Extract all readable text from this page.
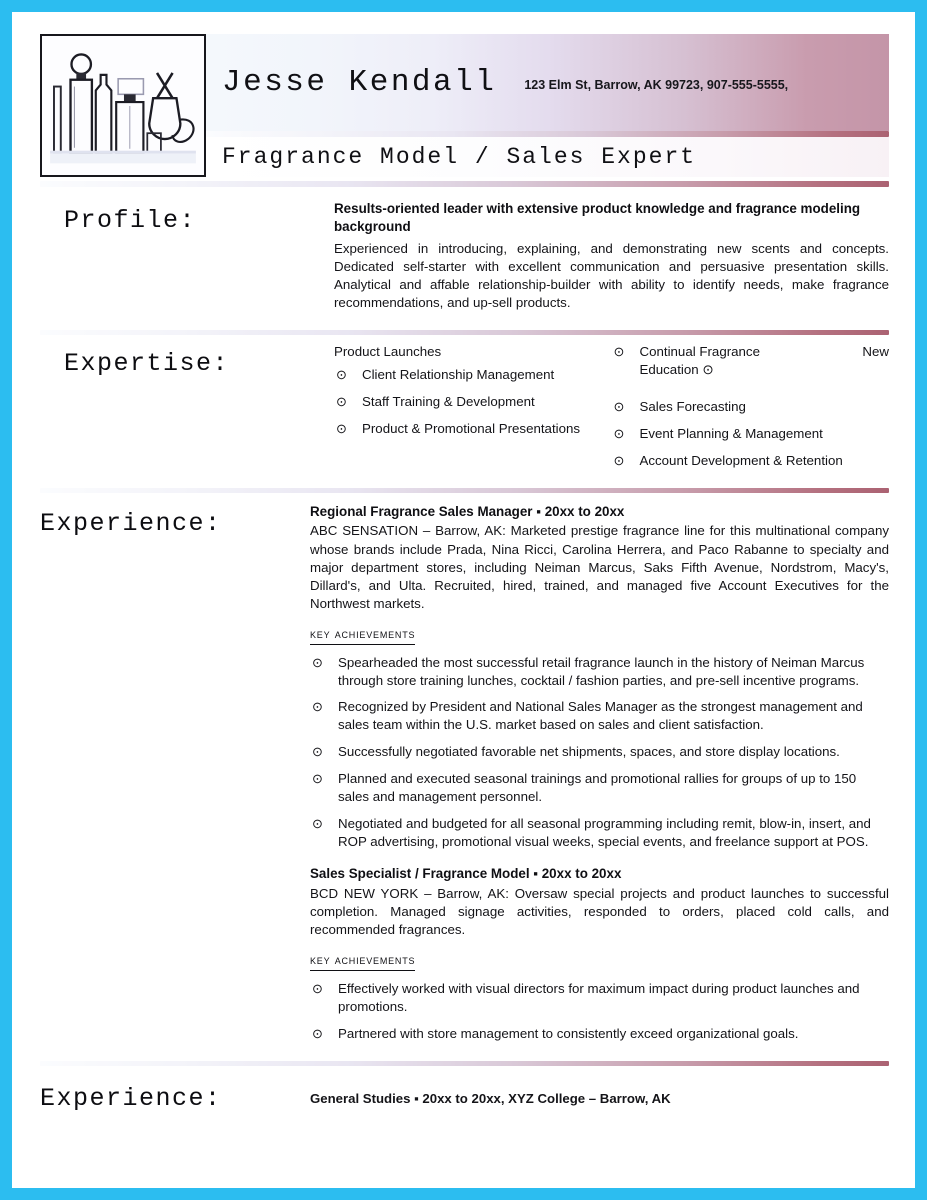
Jesse Kendall 123 Elm St, Barrow, AK 99723, 907-555-5555,
Fragrance Model / Sales Expert
Profile:	Results-oriented leader with extensive product knowledge and fragrance modeling background
Experienced in introducing, explaining, and demonstrating new scents and concepts. Dedicated self-starter with excellent communication and persuasive presentation skills. Analytical and affable relationship-builder with ability to identify needs, make fragrance recommendations, and up-sell products.
Expertise:	Product Launches
⊙	Client Relationship Management
⊙	Staff Training & Development
⊙	Product & Promotional Presentations
⊙	Continual Fragrance Education ⊙
New
⊙	Sales Forecasting
⊙	Event Planning & Management
⊙	Account Development & Retention
Experience:	Regional Fragrance Sales Manager ▪ 20xx to 20xx
ABC SENSATION – Barrow, AK: Marketed prestige fragrance line for this multinational company whose brands include Prada, Nina Ricci, Carolina Herrera, and Paco Rabanne to specialty and major department stores, including Neiman Marcus, Saks Fifth Avenue, Nordstrom, Macy's, Dillard's, and Ulta. Recruited, hired, trained, and managed five Account Executives for the Northwest markets.
key achievements
⊙	Spearheaded the most successful retail fragrance launch in the history of Neiman Marcus through store training lunches, cocktail / fashion parties, and pre-sell incentive programs.
⊙	Recognized by President and National Sales Manager as the strongest management and sales team within the U.S. market based on sales and client satisfaction.
⊙	Successfully negotiated favorable net shipments, spaces, and store display locations.
⊙	Planned and executed seasonal trainings and promotional rallies for groups of up to 150 sales and management personnel.
⊙	Negotiated and budgeted for all seasonal programming including remit, blow-in, insert, and ROP advertising, promotional visual weeks, special events, and freelance support at POS.
Sales Specialist / Fragrance Model ▪ 20xx to 20xx
BCD NEW YORK – Barrow, AK: Oversaw special projects and product launches to successful completion. Managed signage activities, responded to orders, placed cold calls, and recommended fragrances.
key achievements
⊙	Effectively worked with visual directors for maximum impact during product launches and promotions.
⊙	Partnered with store management to consistently exceed organizational goals.
Experience:	General Studies ▪ 20xx to 20xx, XYZ College – Barrow, AK
